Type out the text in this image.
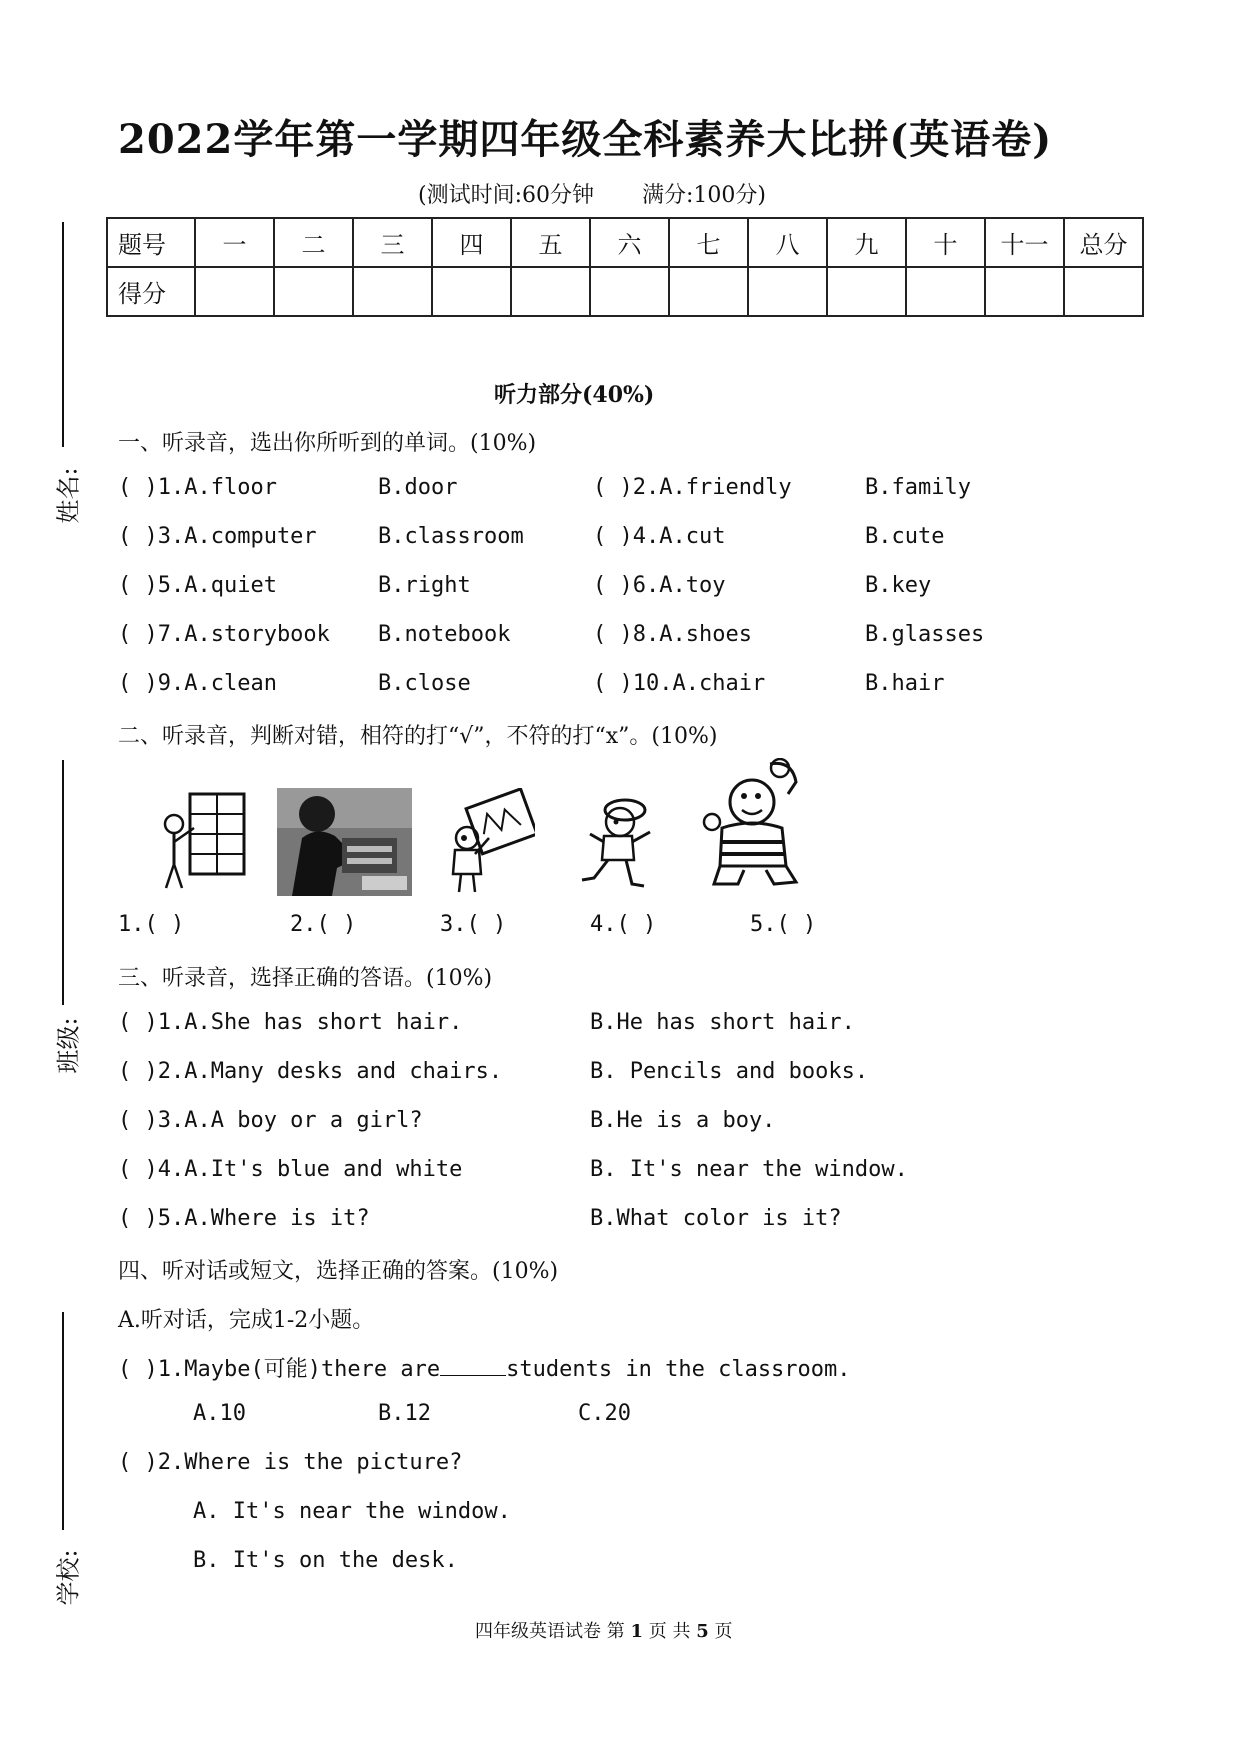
2022学年第一学期四年级全科素养大比拼(英语卷)
(测试时间:60分钟 满分:100分)
题号	一	二	三	四	五	六	七	八	九	十	十一	总分
得分												
姓名:
班级:
学校:
听力部分(40%)
一、听录音，选出你所听到的单词。(10%)
( )1.A.floor	B.door	( )2.A.friendly	B.family
( )3.A.computer	B.classroom	( )4.A.cut	B.cute
( )5.A.quiet	B.right	( )6.A.toy	B.key
( )7.A.storybook B.notebook	( )8.A.shoes	B.glasses
( )9.A.clean	B.close	( )10.A.chair	B.hair
二、听录音，判断对错，相符的打“√”，不符的打“x”。(10%)
1.( )	2.( )	3.( )	4.( )	5.( )
三、听录音，选择正确的答语。(10%)
( )1.A.She has short hair.	B.He has short hair.
( )2.A.Many desks and chairs.	B. Pencils and books.
( )3.A.A boy or a girl?	B.He is a boy.
( )4.A.It's blue and white	B. It's near the window.
( )5.A.Where is it?	B.What color is it?
四、听对话或短文，选择正确的答案。(10%)
A.听对话，完成1-2小题。
( )1.Maybe(可能)there are	students in the classroom.
A.10	B.12	C.20
( )2.Where is the picture?
A. It's near the window.
B. It's on the desk.
四年级英语试卷 第 1 页 共 5 页
